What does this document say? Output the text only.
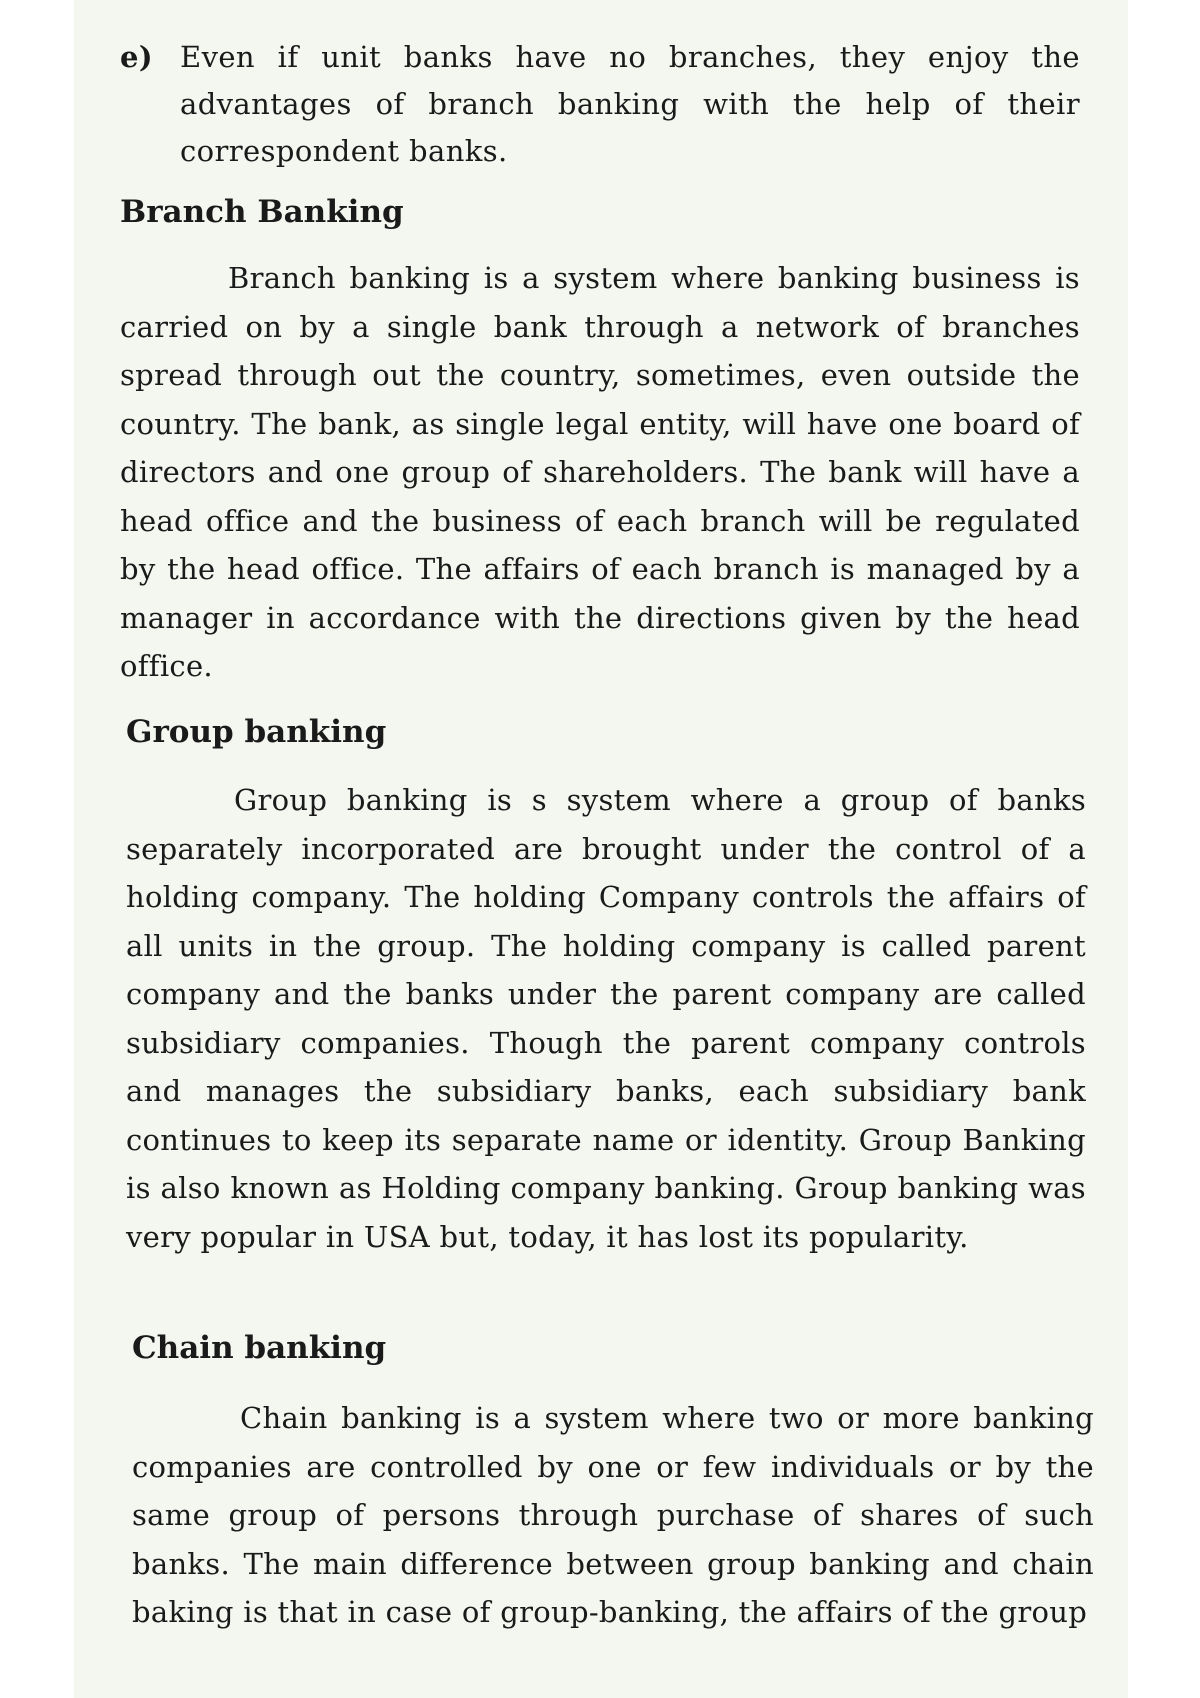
e) Even if unit banks have no branches, they enjoy the advantages of branch banking with the help of their correspondent banks.
Branch Banking

Branch banking is a system where banking business is carried on by a single bank through a network of branches spread through out the country, sometimes, even outside the country. The bank, as single legal entity, will have one board of directors and one group of shareholders. The bank will have a head office and the business of each branch will be regulated by the head office. The affairs of each branch is managed by a manager in accordance with the directions given by the head office.

Group banking

Group banking is s system where a group of banks separately incorporated are brought under the control of a holding company. The holding Company controls the affairs of all units in the group. The holding company is called parent company and the banks under the parent company are called subsidiary companies. Though the parent company controls and manages the subsidiary banks, each subsidiary bank continues to keep its separate name or identity. Group Banking is also known as Holding company banking. Group banking was very popular in USA but, today, it has lost its popularity.

Chain banking

Chain banking is a system where two or more banking companies are controlled by one or few individuals or by the same group of persons through purchase of shares of such banks. The main difference between group banking and chain baking is that in case of group-banking, the affairs of the group
